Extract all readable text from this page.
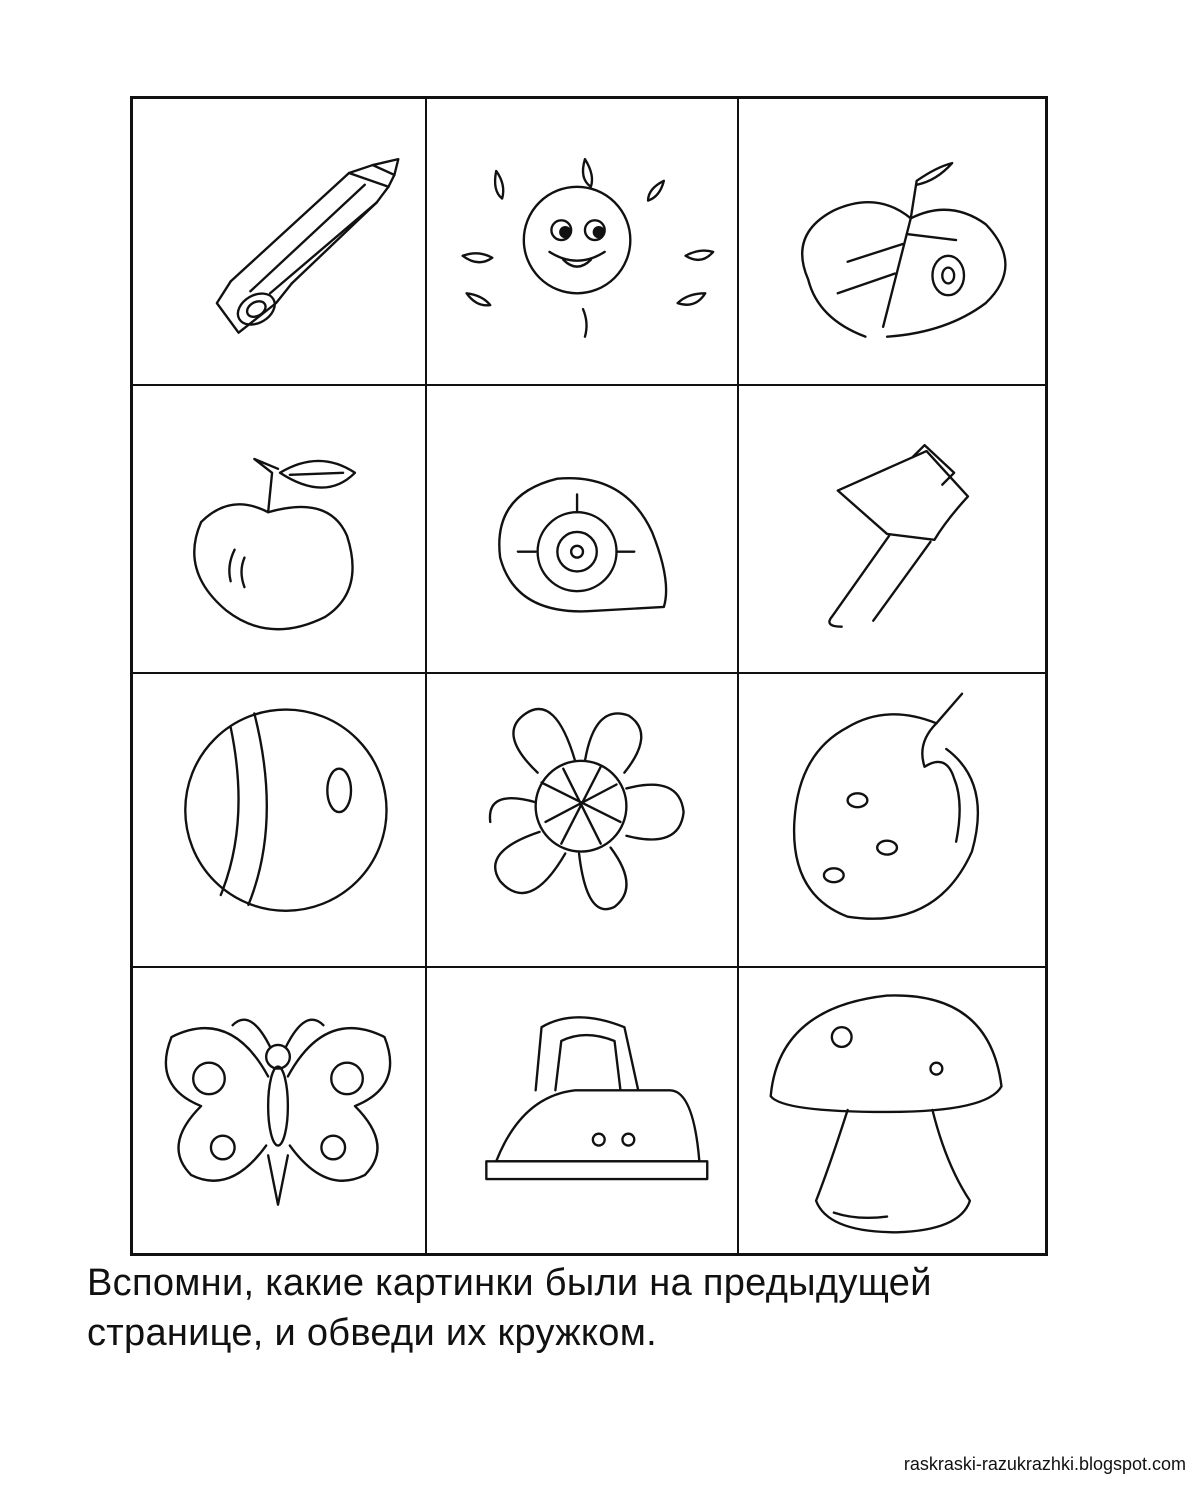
Вспомни, какие картинки были на предыдущей
странице, и обведи их кружком.
raskraski-razukrazhki.blogspot.com
